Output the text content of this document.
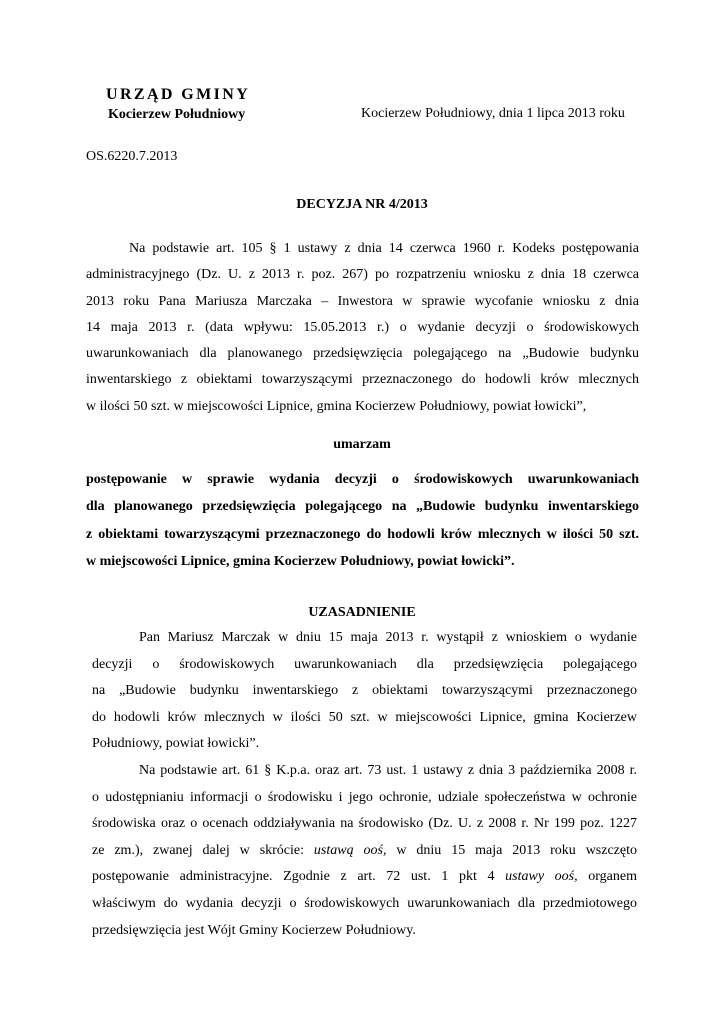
URZĄD GMINY
Kocierzew Południowy	Kocierzew Południowy, dnia 1 lipca 2013 roku
OS.6220.7.2013
DECYZJA NR 4/2013
Na podstawie art. 105 § 1 ustawy z dnia 14 czerwca 1960 r. Kodeks postępowania
administracyjnego (Dz. U. z 2013 r. poz. 267) po rozpatrzeniu wniosku z dnia 18 czerwca
2013 roku Pana Mariusza Marczaka – Inwestora w sprawie wycofanie wniosku z dnia
14 maja 2013 r. (data wpływu: 15.05.2013 r.) o wydanie decyzji o środowiskowych
uwarunkowaniach dla planowanego przedsięwzięcia polegającego na „Budowie budynku
inwentarskiego z obiektami towarzyszącymi przeznaczonego do hodowli krów mlecznych
w ilości 50 szt. w miejscowości Lipnice, gmina Kocierzew Południowy, powiat łowicki”,
umarzam
postępowanie w sprawie wydania decyzji o środowiskowych uwarunkowaniach
dla planowanego przedsięwzięcia polegającego na „Budowie budynku inwentarskiego
z obiektami towarzyszącymi przeznaczonego do hodowli krów mlecznych w ilości 50 szt.
w miejscowości Lipnice, gmina Kocierzew Południowy, powiat łowicki”.
UZASADNIENIE
Pan Mariusz Marczak w dniu 15 maja 2013 r. wystąpił z wnioskiem o wydanie
decyzji o środowiskowych uwarunkowaniach dla przedsięwzięcia polegającego
na „Budowie budynku inwentarskiego z obiektami towarzyszącymi przeznaczonego
do hodowli krów mlecznych w ilości 50 szt. w miejscowości Lipnice, gmina Kocierzew
Południowy, powiat łowicki”.
Na podstawie art. 61 § K.p.a. oraz art. 73 ust. 1 ustawy z dnia 3 października 2008 r.
o udostępnianiu informacji o środowisku i jego ochronie, udziale społeczeństwa w ochronie
środowiska oraz o ocenach oddziaływania na środowisko (Dz. U. z 2008 r. Nr 199 poz. 1227
ze zm.), zwanej dalej w skrócie: ustawą ooś, w dniu 15 maja 2013 roku wszczęto
postępowanie administracyjne. Zgodnie z art. 72 ust. 1 pkt 4 ustawy ooś, organem
właściwym do wydania decyzji o środowiskowych uwarunkowaniach dla przedmiotowego
przedsięwzięcia jest Wójt Gminy Kocierzew Południowy.
